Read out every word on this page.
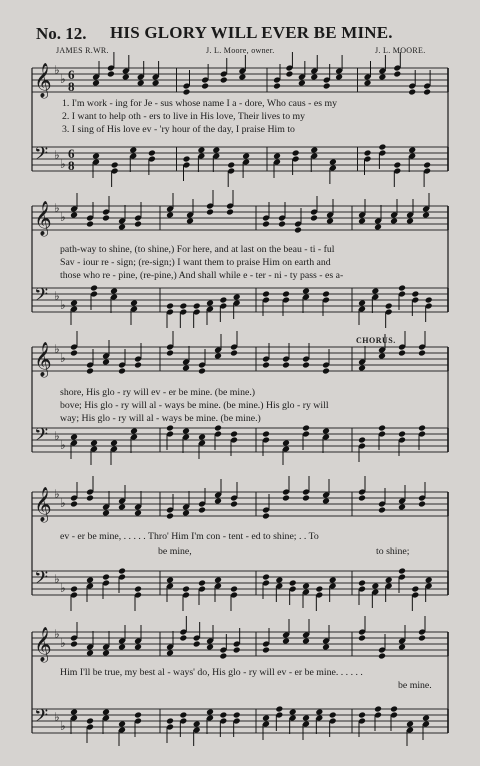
No. 12. HIS GLORY WILL EVER BE MINE.
JAMES R.WR.	J. L. Moore, owner.	J. L. MOORE.
𝄞 ♭
♭ 6
8
𝄢 ♭
♭
6
8
𝄞 ♭
♭
𝄢 ♭
♭
𝄞 ♭
♭
𝄢 ♭
♭
𝄞 ♭
♭
𝄢 ♭
♭
𝄞 ♭
♭
𝄢 ♭
♭
1. I'm work - ing for Je - sus whose name I a - dore, Who caus - es my
2. I want to help oth - ers to live in His love, Their lives to my
3. I sing of His love ev - 'ry hour of the day, I praise Him to
path-way to shine, (to shine,) For here, and at last on the beau - ti - ful
Sav - iour re - sign; (re-sign;) I want them to praise Him on earth and
those who re - pine, (re-pine,) And shall while e - ter - ni - ty pass - es a-
shore, His glo - ry will ev - er be mine. (be mine.)
bove; His glo - ry will al - ways be mine. (be mine.) His glo - ry will
way; His glo - ry will al - ways be mine. (be mine.)
ev - er be mine, . . . . . Thro' Him I'm con - tent - ed to shine; . . To
be mine,	to shine;
Him I'll be true, my best al - ways' do, His glo - ry will ev - er be mine. . . . . .
be mine.
CHORUS.
